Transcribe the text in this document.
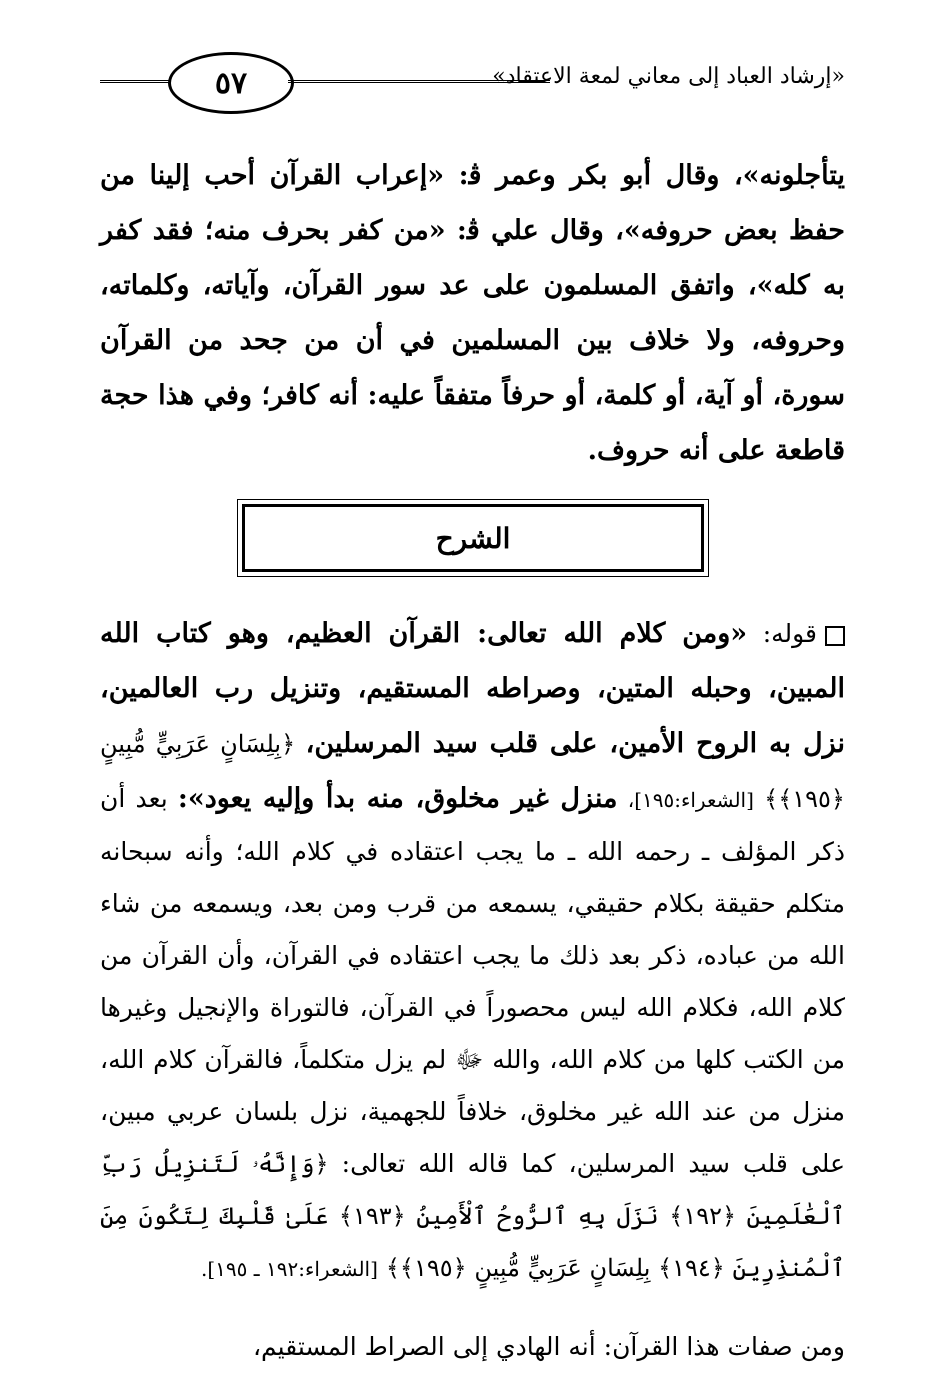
٥٧	«إرشاد العباد إلى معاني لمعة الاعتقاد»

يتأجلونه»، وقال أبو بكر وعمر ﭬ: «إعراب القرآن أحب إلينا من حفظ بعض حروفه»، وقال علي ﭬ: «من كفر بحرف منه؛ فقد كفر به كله»، واتفق المسلمون على عد سور القرآن، وآياته، وكلماته، وحروفه، ولا خلاف بين المسلمين في أن من جحد من القرآن سورة، أو آية، أو كلمة، أو حرفاً متفقاً عليه: أنه كافر؛ وفي هذا حجة قاطعة على أنه حروف.

الشرح

قوله: «ومن كلام الله تعالى: القرآن العظيم، وهو كتاب الله المبين، وحبله المتين، وصراطه المستقيم، وتنزيل رب العالمين، نزل به الروح الأمين، على قلب سيد المرسلين، ﴿بِلِسَانٍ عَرَبِيٍّ مُّبِينٍ ﴿١٩٥﴾﴾ [الشعراء:١٩٥]، منزل غير مخلوق، منه بدأ وإليه يعود»: بعد أن ذكر المؤلف ـ رحمه الله ـ ما يجب اعتقاده في كلام الله؛ وأنه سبحانه متكلم حقيقة بكلام حقيقي، يسمعه من قرب ومن بعد، ويسمعه من شاء الله من عباده، ذكر بعد ذلك ما يجب اعتقاده في القرآن، وأن القرآن من كلام الله، فكلام الله ليس محصوراً في القرآن، فالتوراة والإنجيل وغيرها من الكتب كلها من كلام الله، والله ﷻ لم يزل متكلماً، فالقرآن كلام الله، منزل من عند الله غير مخلوق، خلافاً للجهمية، نزل بلسان عربي مبين، على قلب سيد المرسلين، كما قاله الله تعالى: ﴿وَإِنَّهُۥ لَتَنزِيلُ رَبِّ ٱلْعَٰلَمِينَ ﴿١٩٢﴾ نَزَلَ بِهِ ٱلرُّوحُ ٱلْأَمِينُ ﴿١٩٣﴾ عَلَىٰ قَلْبِكَ لِتَكُونَ مِنَ ٱلْمُنذِرِينَ ﴿١٩٤﴾ بِلِسَانٍ عَرَبِيٍّ مُّبِينٍ ﴿١٩٥﴾﴾ [الشعراء:١٩٢ ـ ١٩٥].

ومن صفات هذا القرآن: أنه الهادي إلى الصراط المستقيم،
